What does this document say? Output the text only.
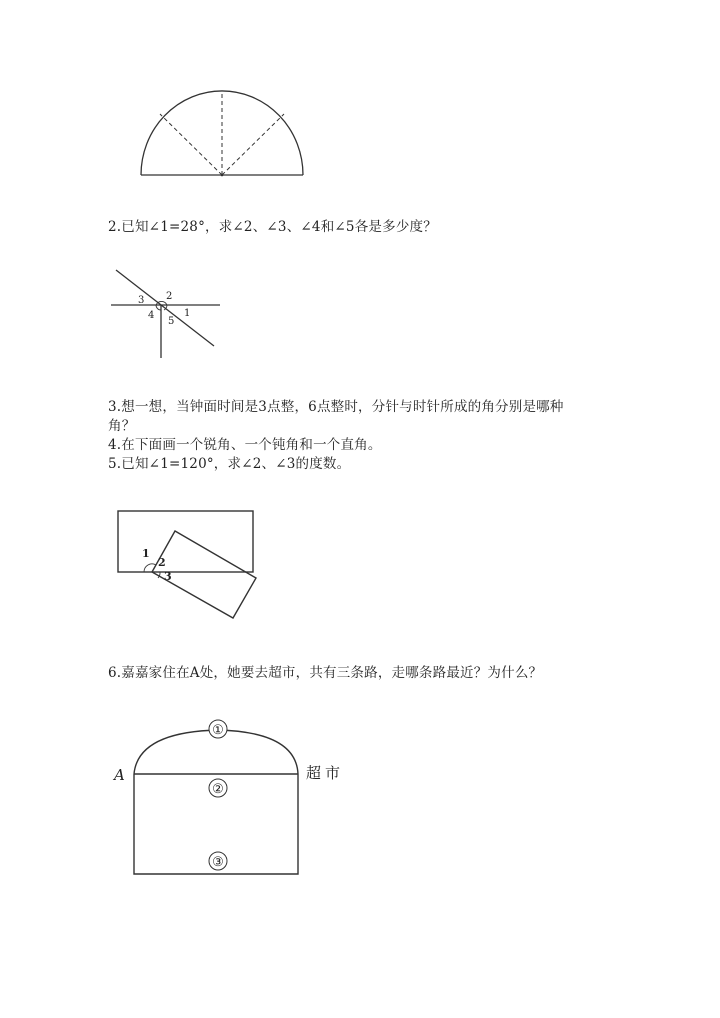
2.已知∠1=28°，求∠2、∠3、∠4和∠5各是多少度？
1
2
3
4
5
3.想一想，当钟面时间是3点整，6点整时，分针与时针所成的角分别是哪种
角？
4.在下面画一个锐角、一个钝角和一个直角。
5.已知∠1=120°，求∠2、∠3的度数。
1
2
3
6.嘉嘉家住在A处，她要去超市，共有三条路，走哪条路最近？为什么？
①
②
③
A	超市
